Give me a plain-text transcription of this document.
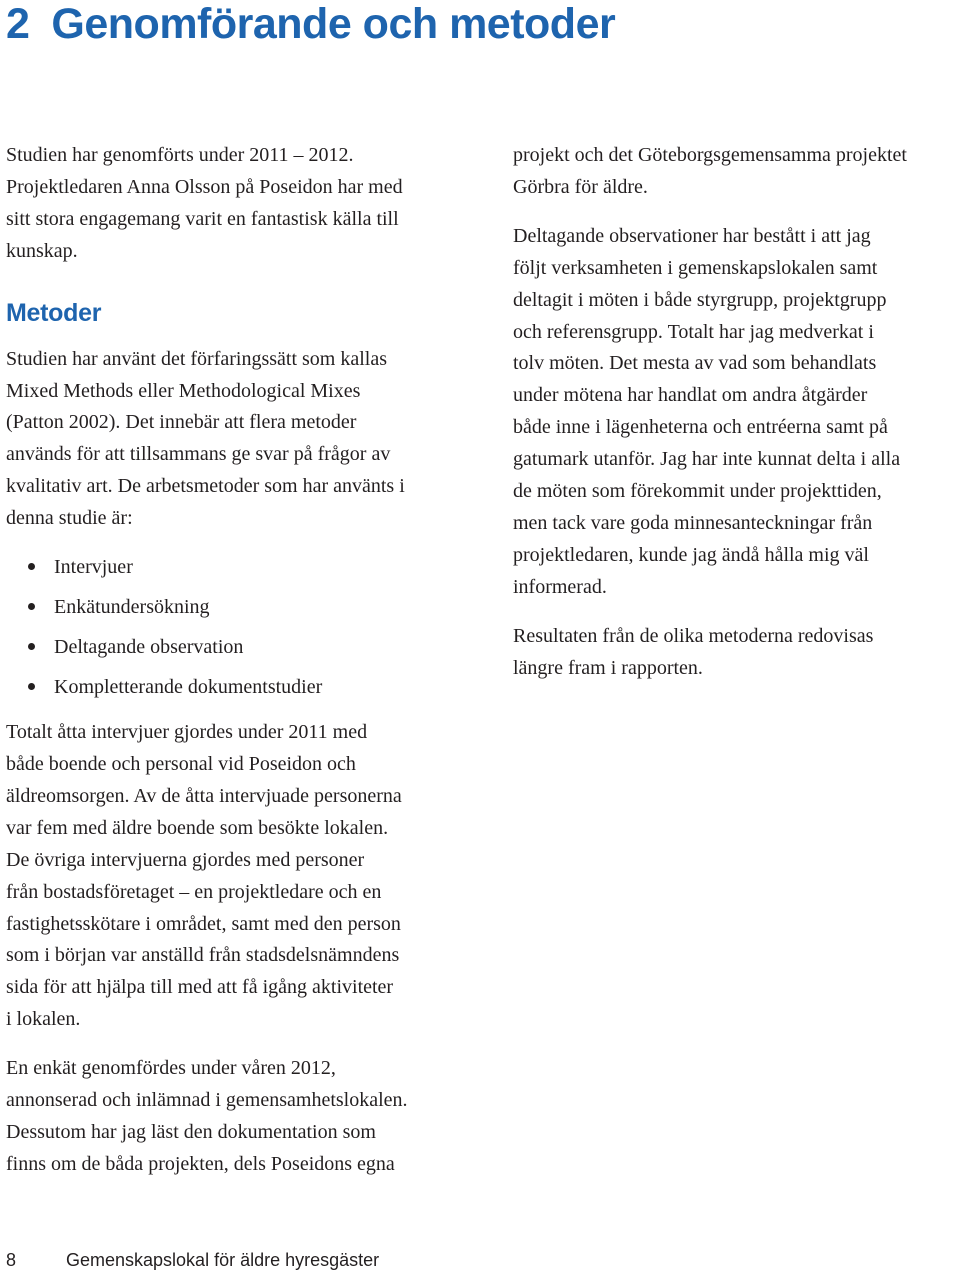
2 Genomförande och metoder

Studien har genomförts under 2011 – 2012.
Projektledaren Anna Olsson på Poseidon har med
sitt stora engagemang varit en fantastisk källa till
kunskap.

Metoder

Studien har använt det förfaringssätt som kallas
Mixed Methods eller Methodological Mixes
(Patton 2002). Det innebär att flera metoder
används för att tillsammans ge svar på frågor av
kvalitativ art. De arbetsmetoder som har använts i
denna studie är:

Intervjuer
Enkätundersökning
Deltagande observation
Kompletterande dokumentstudier

Totalt åtta intervjuer gjordes under 2011 med
både boende och personal vid Poseidon och
äldreomsorgen. Av de åtta intervjuade personerna
var fem med äldre boende som besökte lokalen.
De övriga intervjuerna gjordes med personer
från bostadsföretaget – en projektledare och en
fastighetsskötare i området, samt med den person
som i början var anställd från stadsdelsnämndens
sida för att hjälpa till med att få igång aktiviteter
i lokalen.

En enkät genomfördes under våren 2012,
annonserad och inlämnad i gemensamhetslokalen.
Dessutom har jag läst den dokumentation som
finns om de båda projekten, dels Poseidons egna

projekt och det Göteborgsgemensamma projektet
Görbra för äldre.

Deltagande observationer har bestått i att jag
följt verksamheten i gemenskapslokalen samt
deltagit i möten i både styrgrupp, projektgrupp
och referensgrupp. Totalt har jag medverkat i
tolv möten. Det mesta av vad som behandlats
under mötena har handlat om andra åtgärder
både inne i lägenheterna och entréerna samt på
gatumark utanför. Jag har inte kunnat delta i alla
de möten som förekommit under projekttiden,
men tack vare goda minnesanteckningar från
projektledaren, kunde jag ändå hålla mig väl
informerad.

Resultaten från de olika metoderna redovisas
längre fram i rapporten.

8	Gemenskapslokal för äldre hyresgäster
